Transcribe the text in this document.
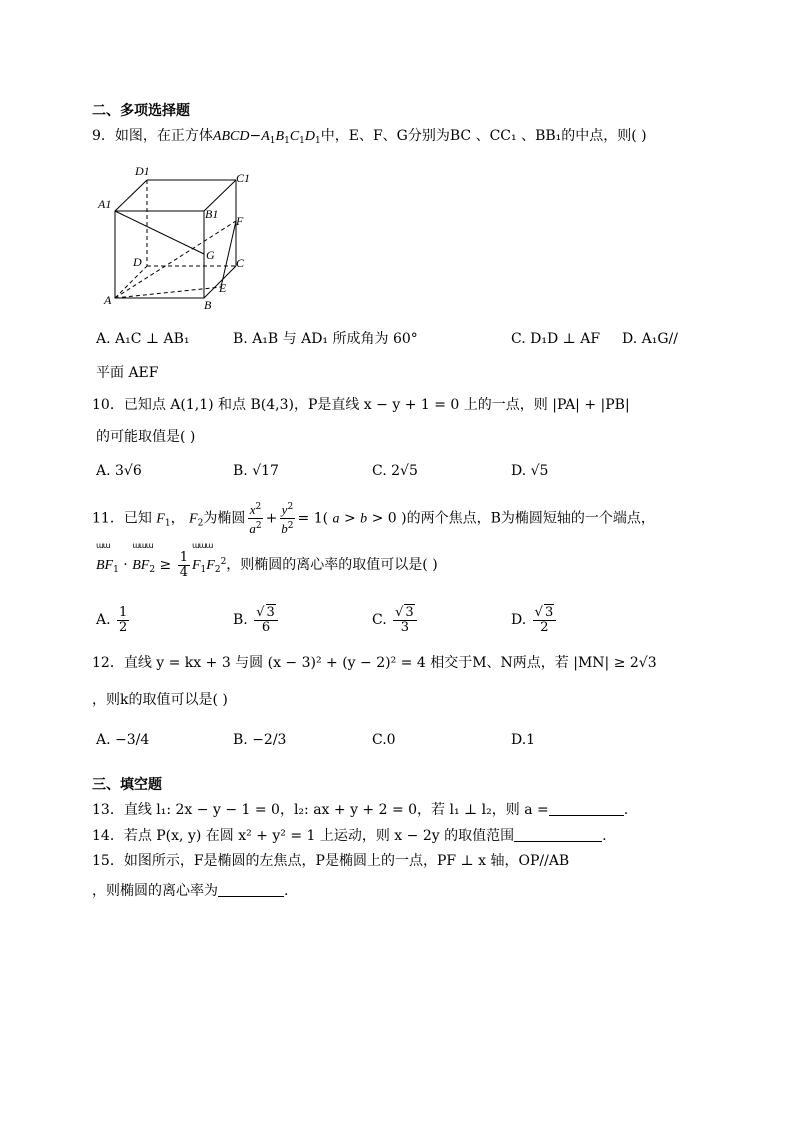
二、多项选择题
9．如图，在正方体$ABCD-A_1B_1C_1D_1$中，E、F、G分别为BC 、CC₁ 、BB₁的中点，则( )
D1	C1
A1
B1 F
G
D	C
A
E
B
A. A₁C ⊥ AB₁	B. A₁B 与 AD₁ 所成角为 60°	C. D₁D ⊥ AF D. A₁G//
平面 AEF
10．已知点 A(1,1) 和点 B(4,3)，P是直线 x − y + 1 = 0 上的一点，则 |PA| + |PB|
的可能取值是( )
A. 3√6	B. √17	C. 2√5	D. √5
11．已知 $F_1$， $F_2$为椭圆 $\frac{x^2}{a^2} + \frac{y^2}{b^2} = 1$( a > b > 0 )的两个焦点，B为椭圆短轴的一个端点，
ɯɯ
$BF_1$ ·
ɯɯɯ
$BF_2 \ge \frac{1}{4}$
ɯɯɯ
$F_1F_2^2$，则椭圆的离心率的取值可以是( )
A. $\frac{1}{2}$	B. $\frac{√ 3}{6}$	C. $\frac{√ 3}{3}$	D. $\frac{√ 3}{2}$
12．直线 y = kx + 3 与圆 (x − 3)² + (y − 2)² = 4 相交于M、N两点，若 |MN| ≥ 2√3
，则k的取值可以是( )
A. −3/4	B. −2/3	C.0	D.1
三、填空题
13．直线 l₁: 2x − y − 1 = 0，l₂: ax + y + 2 = 0，若 l₁ ⊥ l₂，则 a =	.
14．若点 P(x, y) 在圆 x² + y² = 1 上运动，则 x − 2y 的取值范围	.
15．如图所示，F是椭圆的左焦点，P是椭圆上的一点，PF ⊥ x 轴，OP//AB
，则椭圆的离心率为	.
